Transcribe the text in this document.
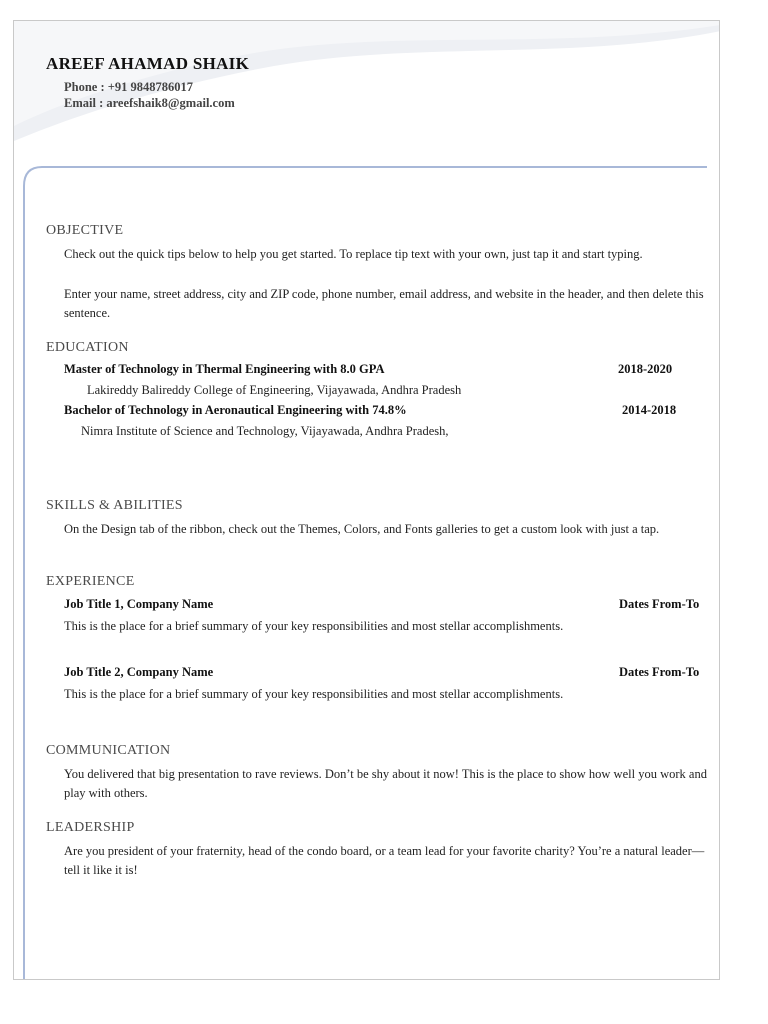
AREEF AHAMAD SHAIK
Phone : +91 9848786017
Email : areefshaik8@gmail.com
OBJECTIVE
Check out the quick tips below to help you get started. To replace tip text with your own, just tap it and start typing.
Enter your name, street address, city and ZIP code, phone number, email address, and website in the header, and then delete this sentence.
EDUCATION
Master of Technology in Thermal Engineering with 8.0 GPA	2018-2020
Lakireddy Balireddy College of Engineering, Vijayawada, Andhra Pradesh
Bachelor of Technology in Aeronautical Engineering with 74.8%	2014-2018
Nimra Institute of Science and Technology, Vijayawada, Andhra Pradesh,
SKILLS & ABILITIES
On the Design tab of the ribbon, check out the Themes, Colors, and Fonts galleries to get a custom look with just a tap.
EXPERIENCE
Job Title 1, Company Name	Dates From-To
This is the place for a brief summary of your key responsibilities and most stellar accomplishments.
Job Title 2, Company Name	Dates From-To
This is the place for a brief summary of your key responsibilities and most stellar accomplishments.
COMMUNICATION
You delivered that big presentation to rave reviews. Don’t be shy about it now! This is the place to show how well you work and play with others.
LEADERSHIP
Are you president of your fraternity, head of the condo board, or a team lead for your favorite charity? You’re a natural leader—tell it like it is!
